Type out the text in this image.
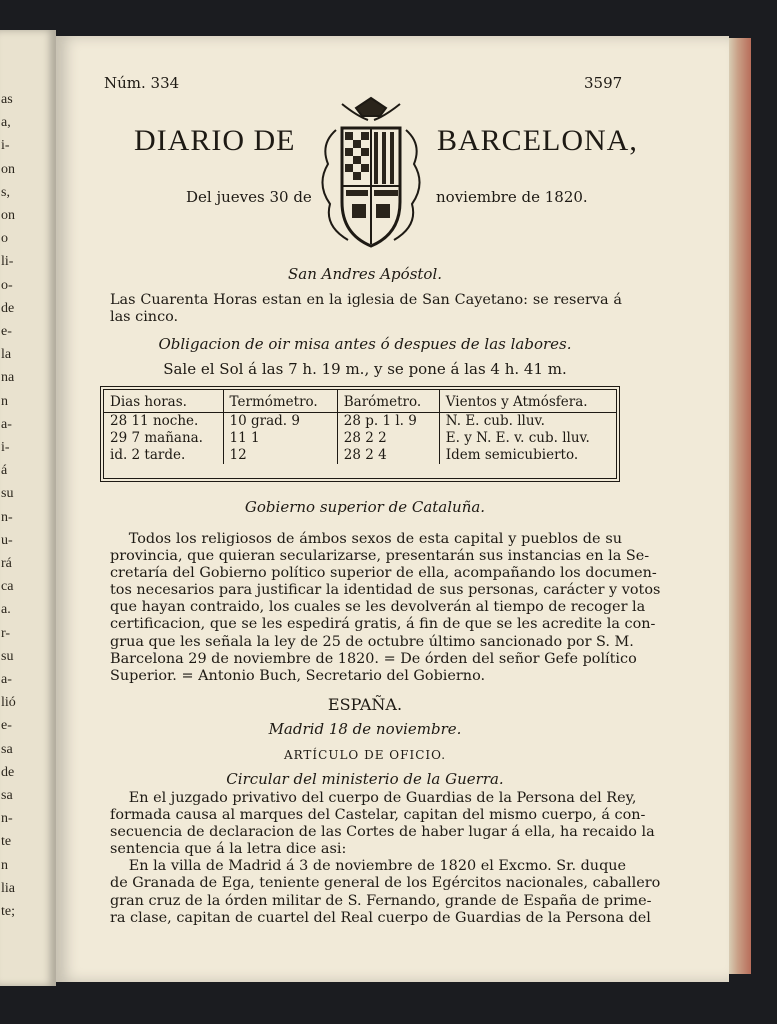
as
a,
i-
on
s,
on
o
li-
o-
de
e-
la
na
n
a-
i-
á
su
n-
u-
rá
ca
a.
r-
su
a-
lió
e-
sa
de
sa
n-
te
n
lia
te;
Núm. 334	3597
DIARIO DE	BARCELONA,
Del jueves 30 de	noviembre de 1820.
San Andres Apóstol.
Las Cuarenta Horas estan en la iglesia de San Cayetano: se reserva á
las cinco.
Obligacion de oir misa antes ó despues de las labores.
Sale el Sol á las 7 h. 19 m., y se pone á las 4 h. 41 m.
Dias horas.	Termómetro.	Barómetro.	Vientos y Atmósfera.
28 11 noche.	10 grad. 9	28 p. 1 l. 9	N. E. cub. lluv.
29 7 mañana.	11 1	28 2 2	E. y N. E. v. cub. lluv.
id. 2 tarde.	12	28 2 4	Idem semicubierto.
Gobierno superior de Cataluña.
Todos los religiosos de ámbos sexos de esta capital y pueblos de su
provincia, que quieran secularizarse, presentarán sus instancias en la Se-
cretaría del Gobierno político superior de ella, acompañando los documen-
tos necesarios para justificar la identidad de sus personas, carácter y votos
que hayan contraido, los cuales se les devolverán al tiempo de recoger la
certificacion, que se les espedirá gratis, á fin de que se les acredite la con-
grua que les señala la ley de 25 de octubre último sancionado por S. M.
Barcelona 29 de noviembre de 1820. = De órden del señor Gefe político
Superior. = Antonio Buch, Secretario del Gobierno.
ESPAÑA.
Madrid 18 de noviembre.
ARTÍCULO DE OFICIO.
Circular del ministerio de la Guerra.
En el juzgado privativo del cuerpo de Guardias de la Persona del Rey,
formada causa al marques del Castelar, capitan del mismo cuerpo, á con-
secuencia de declaracion de las Cortes de haber lugar á ella, ha recaido la
sentencia que á la letra dice asi:
En la villa de Madrid á 3 de noviembre de 1820 el Excmo. Sr. duque
de Granada de Ega, teniente general de los Egércitos nacionales, caballero
gran cruz de la órden militar de S. Fernando, grande de España de prime-
ra clase, capitan de cuartel del Real cuerpo de Guardias de la Persona del
